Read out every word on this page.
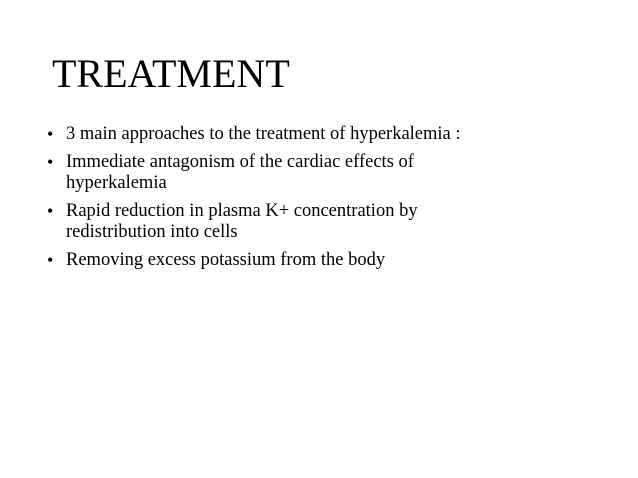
TREATMENT
• 3 main approaches to the treatment of hyperkalemia :
• Immediate antagonism of the cardiac effects of hyperkalemia
• Rapid reduction in plasma K+ concentration by redistribution into cells
• Removing excess potassium from the body
